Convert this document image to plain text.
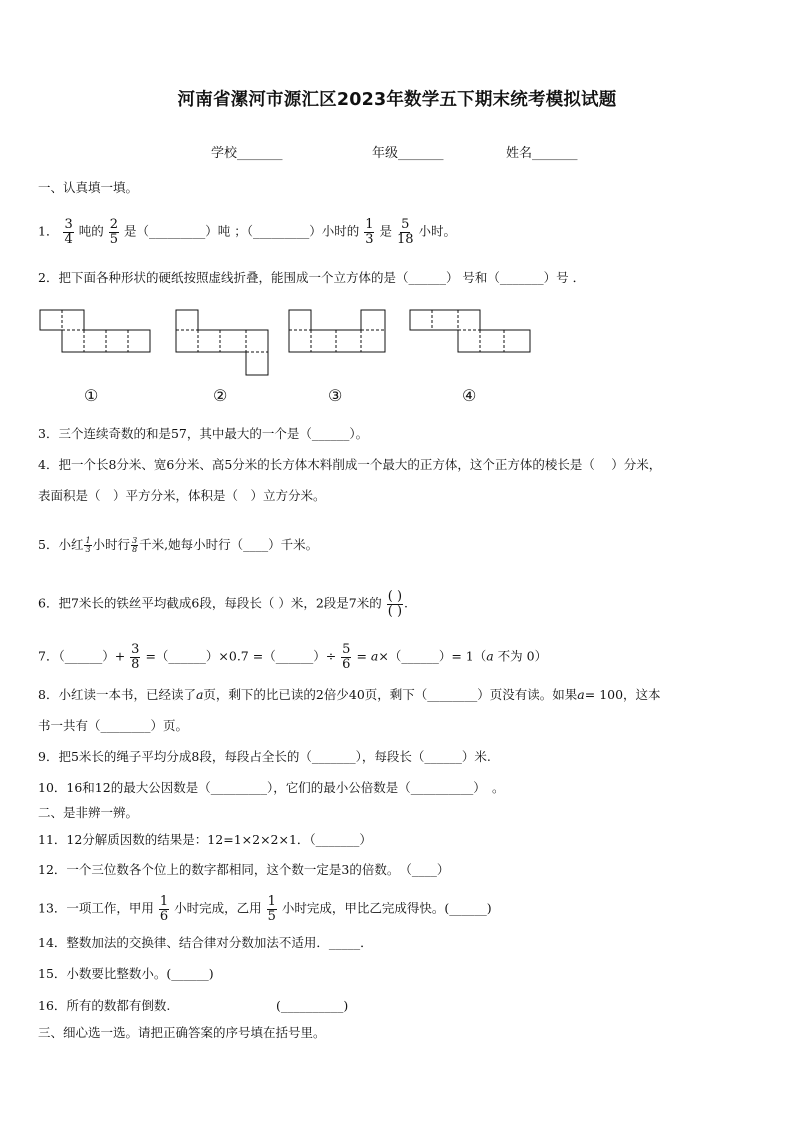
河南省漯河市源汇区2023年数学五下期末统考模拟试题
学校_______	年级_______	姓名_______
一、认真填一填。
1． $\frac{3}{4}$ 吨的 $\frac{2}{5}$ 是（_________）吨 ；（_________）小时的 $\frac{1}{3}$ 是 $\frac{5}{18}$ 小时。
2．把下面各种形状的硬纸按照虚线折叠，能围成一个立方体的是（______） 号和（_______）号 ．
①	②	③	④
3．三个连续奇数的和是57，其中最大的一个是（______）。
4．把一个长8分米、宽6分米、高5分米的长方体木料削成一个最大的正方体，这个正方体的棱长是（　 ）分米，
表面积是（　）平方分米，体积是（　）立方分米。
5．小红 $\frac{1}{3}$ 小时行 $\frac{3}{8}$ 千米,她每小时行（____）千米。
6．把7米长的铁丝平均截成6段，每段长（ ）米，2段是7米的 $\frac{( )}{( )}$ .
7．（______）+ $\frac{3}{8}$ =（______）×0.7 =（______）÷ $\frac{5}{6}$ = a×（______）= 1（a 不为 0）
8．小红读一本书，已经读了a页，剩下的比已读的2倍少40页，剩下（________）页没有读。如果a= 100，这本
书一共有（________）页。
9．把5米长的绳子平均分成8段，每段占全长的（_______），每段长（______）米.
10．16和12的最大公因数是（_________），它们的最小公倍数是（__________）　。
二、是非辨一辨。
11．12分解质因数的结果是：12=1×2×2×1．（_______）
12．一个三位数各个位上的数字都相同，这个数一定是3的倍数。　（____）
13．一项工作，甲用 $\frac{1}{6}$ 小时完成，乙用 $\frac{1}{5}$ 小时完成，甲比乙完成得快。(______)
14．整数加法的交换律、结合律对分数加法不适用．_____．
15．小数要比整数小。(______)
16．所有的数都有倒数.	(__________)
三、细心选一选。请把正确答案的序号填在括号里。
